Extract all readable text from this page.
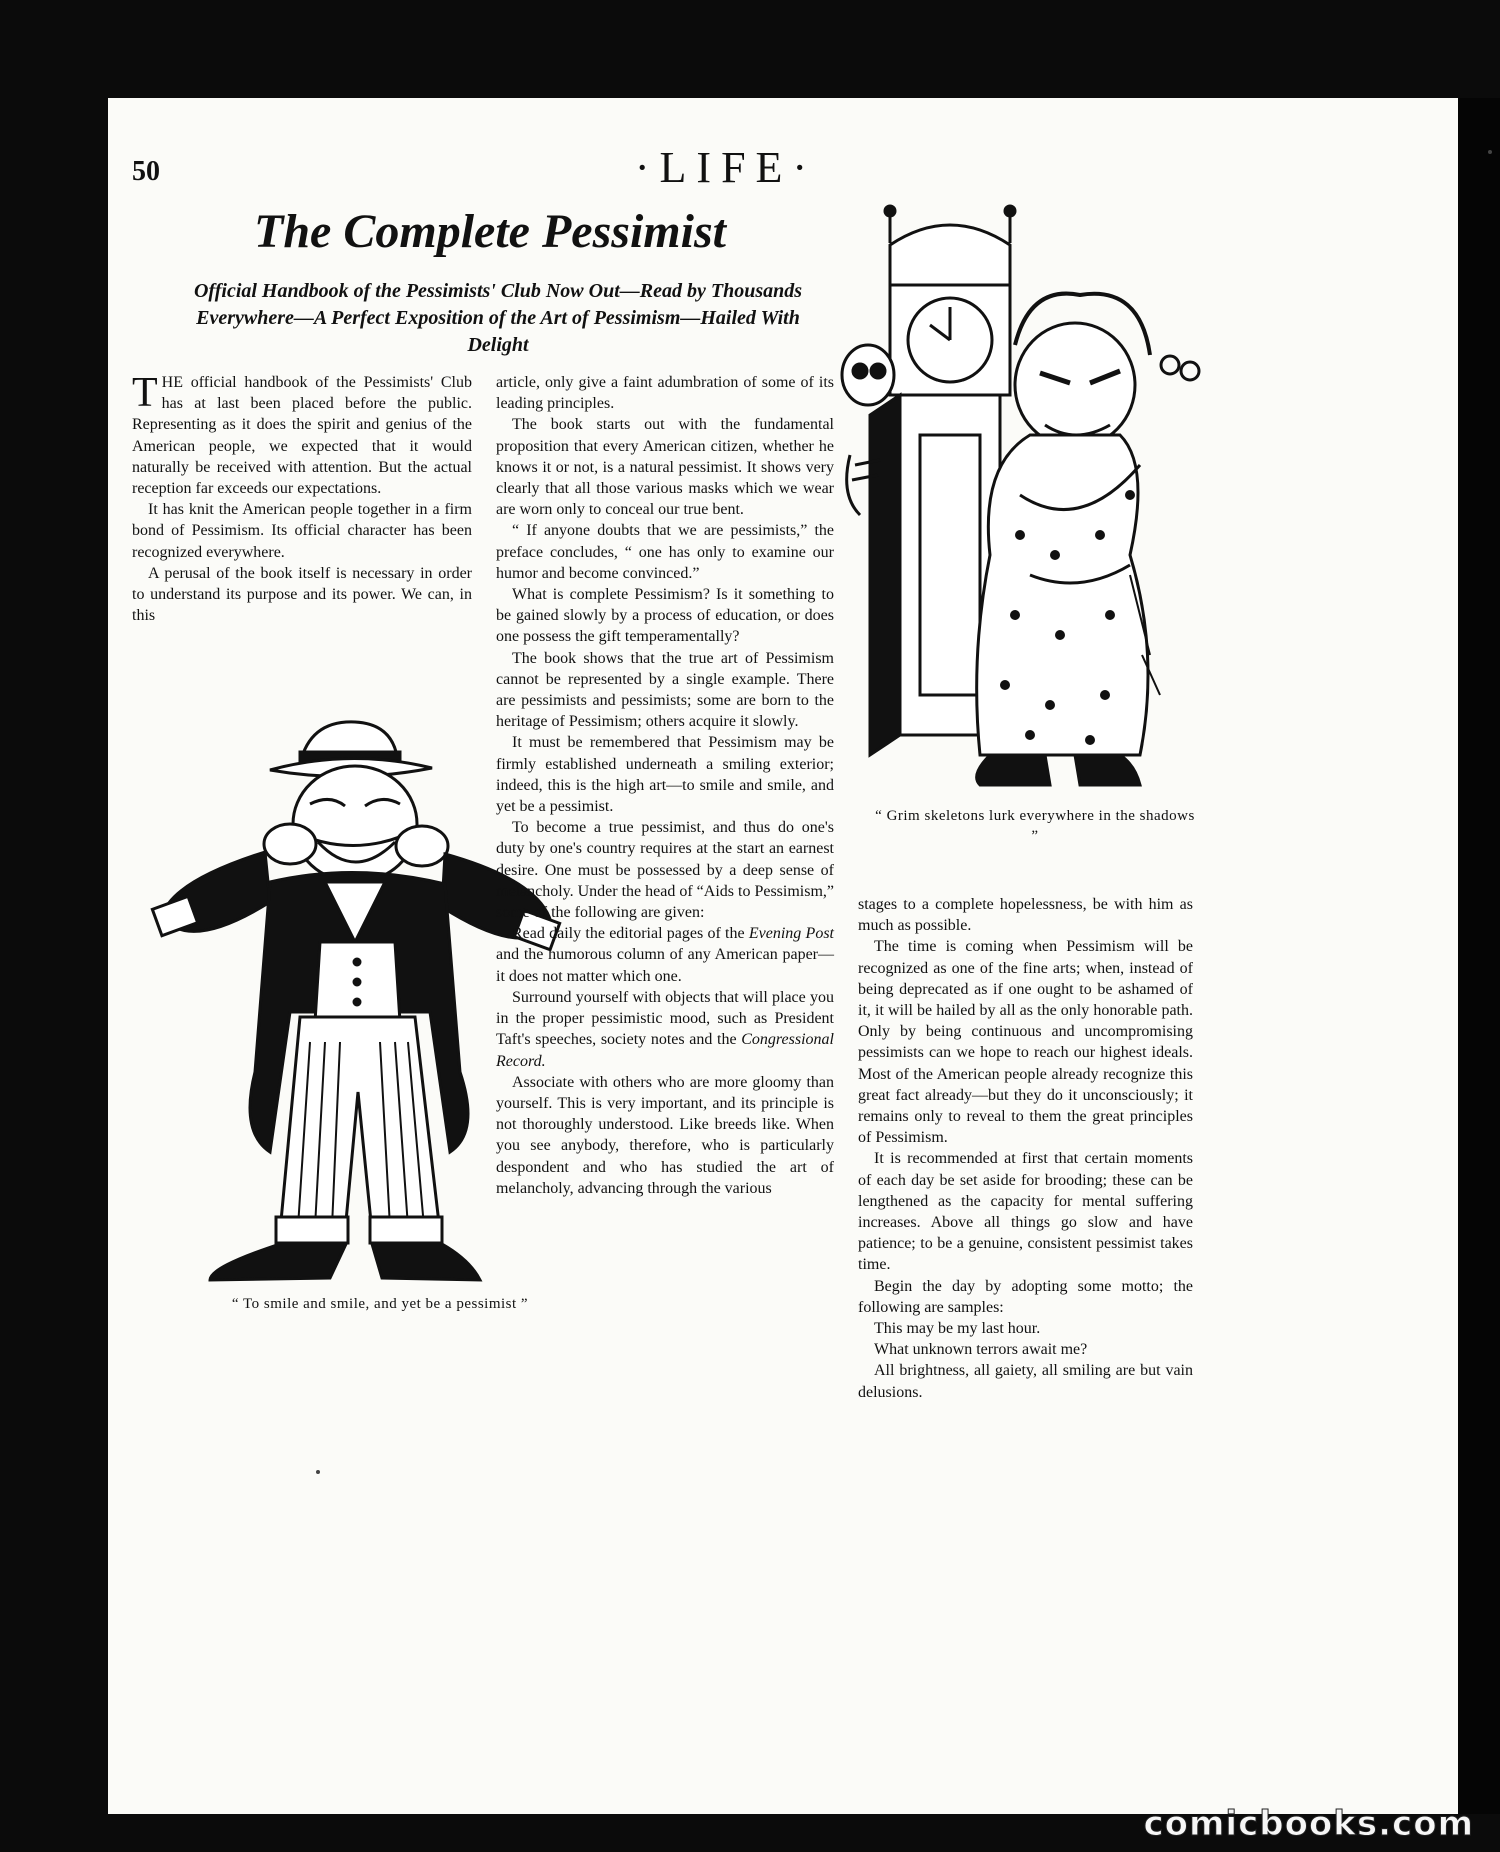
50	·LIFE·
The Complete Pessimist
Official Handbook of the Pessimists' Club Now Out—Read by Thousands Everywhere—A Perfect Exposition of the Art of Pessimism—Hailed With Delight

THE official handbook of the Pessimists' Club has at last been placed before the public. Representing as it does the spirit and genius of the American people, we expected that it would naturally be received with attention. But the actual reception far exceeds our expectations.

It has knit the American people together in a firm bond of Pessimism. Its official character has been recognized everywhere.

A perusal of the book itself is necessary in order to understand its purpose and its power. We can, in this

“ To smile and smile, and yet be a pessimist ”

article, only give a faint adumbration of some of its leading principles.

The book starts out with the fundamental proposition that every American citizen, whether he knows it or not, is a natural pessimist. It shows very clearly that all those various masks which we wear are worn only to conceal our true bent.

“ If anyone doubts that we are pessimists,” the preface concludes, “ one has only to examine our humor and become convinced.”

What is complete Pessimism? Is it something to be gained slowly by a process of education, or does one possess the gift temperamentally?

The book shows that the true art of Pessimism cannot be represented by a single example. There are pessimists and pessimists; some are born to the heritage of Pessimism; others acquire it slowly.

It must be remembered that Pessimism may be firmly established underneath a smiling exterior; indeed, this is the high art—to smile and smile, and yet be a pessimist.

To become a true pessimist, and thus do one's duty by one's country requires at the start an earnest desire. One must be possessed by a deep sense of melancholy. Under the head of “Aids to Pessimism,” some of the following are given:

Read daily the editorial pages of the Evening Post and the humorous column of any American paper—it does not matter which one.

Surround yourself with objects that will place you in the proper pessimistic mood, such as President Taft's speeches, society notes and the Congressional Record.

Associate with others who are more gloomy than yourself. This is very important, and its principle is not thoroughly understood. Like breeds like. When you see anybody, therefore, who is particularly despondent and who has studied the art of melancholy, advancing through the various

“ Grim skeletons lurk everywhere in the shadows ”

stages to a complete hopelessness, be with him as much as possible.

The time is coming when Pessimism will be recognized as one of the fine arts; when, instead of being deprecated as if one ought to be ashamed of it, it will be hailed by all as the only honorable path. Only by being continuous and uncompromising pessimists can we hope to reach our highest ideals. Most of the American people already recognize this great fact already—but they do it unconsciously; it remains only to reveal to them the great principles of Pessimism.

It is recommended at first that certain moments of each day be set aside for brooding; these can be lengthened as the capacity for mental suffering increases. Above all things go slow and have patience; to be a genuine, consistent pessimist takes time.

Begin the day by adopting some motto; the following are samples:

This may be my last hour.

What unknown terrors await me?

All brightness, all gaiety, all smiling are but vain delusions.

comicbooks.com
